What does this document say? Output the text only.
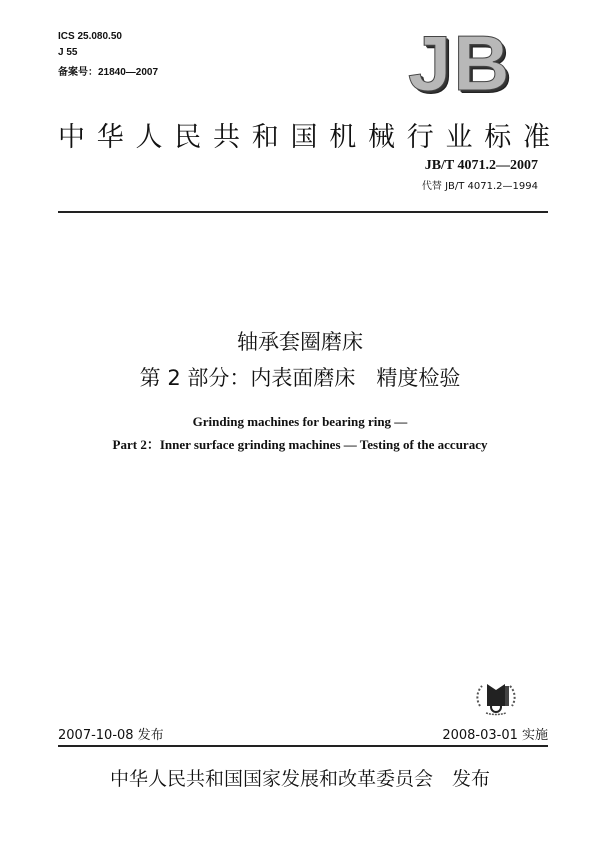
ICS 25.080.50
J 55
备案号：21840—2007	JB
中 华 人 民 共 和 国 机 械 行 业 标 准
JB/T 4071.2—2007
代替 JB/T 4071.2—1994
轴承套圈磨床
第 2 部分：内表面磨床　精度检验
Grinding machines for bearing ring —
Part 2：Inner surface grinding machines — Testing of the accuracy
2007-10-08 发布	2008-03-01 实施
中华人民共和国国家发展和改革委员会　发布
